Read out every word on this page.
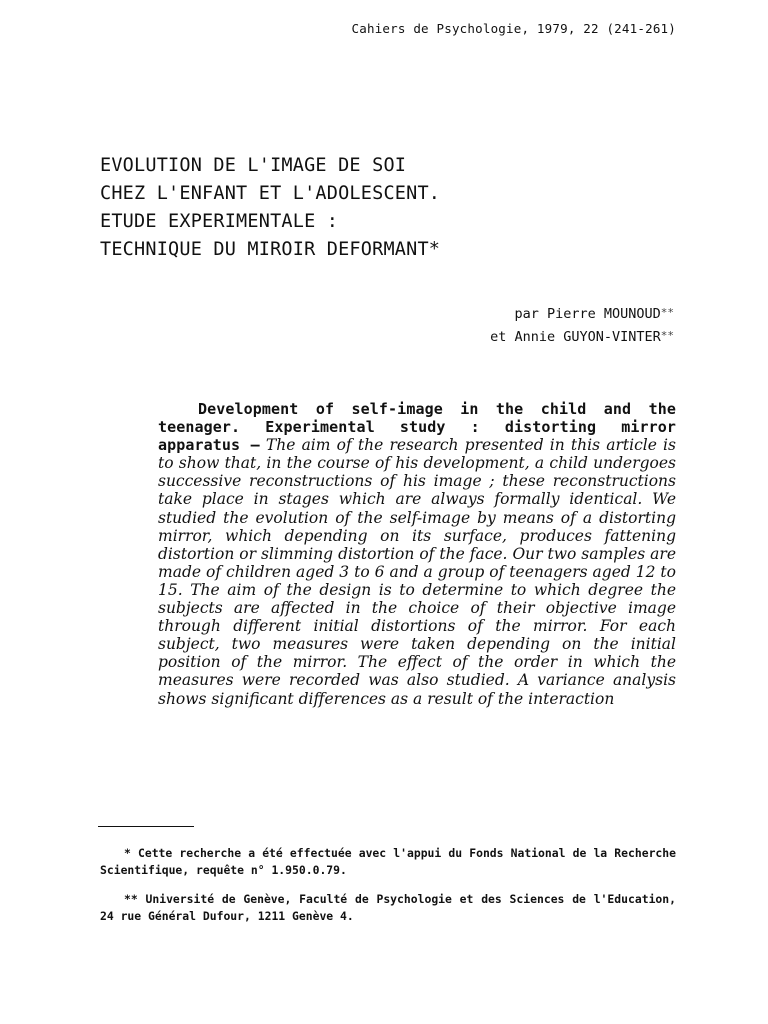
Cahiers de Psychologie, 1979, 22 (241-261)
EVOLUTION DE L'IMAGE DE SOI
CHEZ L'ENFANT ET L'ADOLESCENT.
ETUDE EXPERIMENTALE :
TECHNIQUE DU MIROIR DEFORMANT*
par Pierre MOUNOUD**
et Annie GUYON-VINTER**
Development of self-image in the child and the teenager. Experimental study : distorting mirror apparatus — The aim of the research presented in this article is to show that, in the course of his development, a child undergoes successive reconstructions of his image ; these reconstructions take place in stages which are always formally identical. We studied the evolution of the self-image by means of a distorting mirror, which depending on its surface, produces fattening distortion or slimming distortion of the face. Our two samples are made of children aged 3 to 6 and a group of teenagers aged 12 to 15. The aim of the design is to determine to which degree the subjects are affected in the choice of their objective image through different initial distortions of the mirror. For each subject, two measures were taken depending on the initial position of the mirror. The effect of the order in which the measures were recorded was also studied. A variance analysis shows significant differences as a result of the interaction
* Cette recherche a été effectuée avec l'appui du Fonds National de la Recherche Scientifique, requête n° 1.950.0.79.
** Université de Genève, Faculté de Psychologie et des Sciences de l'Education, 24 rue Général Dufour, 1211 Genève 4.
